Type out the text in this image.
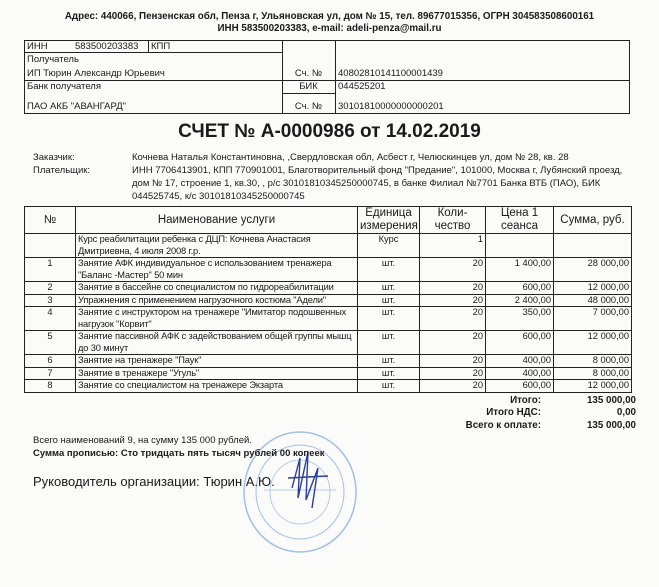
Адрес: 440066, Пензенская обл, Пенза г, Ульяновская ул, дом № 15, тел. 89677015356, ОГРН 304583508600161
ИНН 583500203383, e-mail: adeli-penza@mail.ru
ИНН	583500203383 КПП
Получатель
ИП Тюрин Александр Юрьевич	Сч. №	40802810141100001439
Банк получателя
ПАО АКБ "АВАНГАРД"
БИК	044525201
Сч. №	30101810000000000201
СЧЕТ № А-0000986 от 14.02.2019
Заказчик:	Кочнева Наталья Константиновна, ,Свердловская обл, Асбест г, Челюскинцев ул, дом № 28, кв. 28
Плательщик:	ИНН 7706413901, КПП 770901001, Благотворительный фонд "Предание", 101000, Москва г, Лубянский проезд,
дом № 17, строение 1, кв.30, , р/с 30101810345250000745, в банке Филиал №7701 Банка ВТБ (ПАО), БИК
044525745, к/с 30101810345250000745
№	Наименование услуги	Единица измерения	Коли- чество	Цена 1 сеанса	Сумма, руб.
	Курс реабилитации ребенка с ДЦП: Кочнева Анастасия Дмитриевна, 4 июля 2008 г.р.	Курс	1		
1	Занятие АФК индивидуальное с использованием тренажера "Баланс -Мастер" 50 мин	шт.	20	1 400,00	28 000,00
2	Занятие в бассейне со специалистом по гидрореабилитации	шт.	20	600,00	12 000,00
3	Упражнения с применением нагрузочного костюма "Адели"	шт.	20	2 400,00	48 000,00
4	Занятие с инструктором на тренажере "Имитатор подошвенных нагрузок "Корвит"	шт.	20	350,00	7 000,00
5	Занятие пассивной АФК с задействованием общей группы мышц до 30 минут	шт.	20	600,00	12 000,00
6	Занятие на тренажере "Паук"	шт.	20	400,00	8 000,00
7	Занятие в тренажере "Угуль"	шт.	20	400,00	8 000,00
8	Занятие со специалистом на тренажере Экзарта	шт.	20	600,00	12 000,00
Итого:	135 000,00
Итого НДС:	0,00
Всего к оплате:	135 000,00
Всего наименований 9, на сумму 135 000 рублей.
Сумма прописью: Сто тридцать пять тысяч рублей 00 копеек
Руководитель организации: Тюрин А.Ю.
